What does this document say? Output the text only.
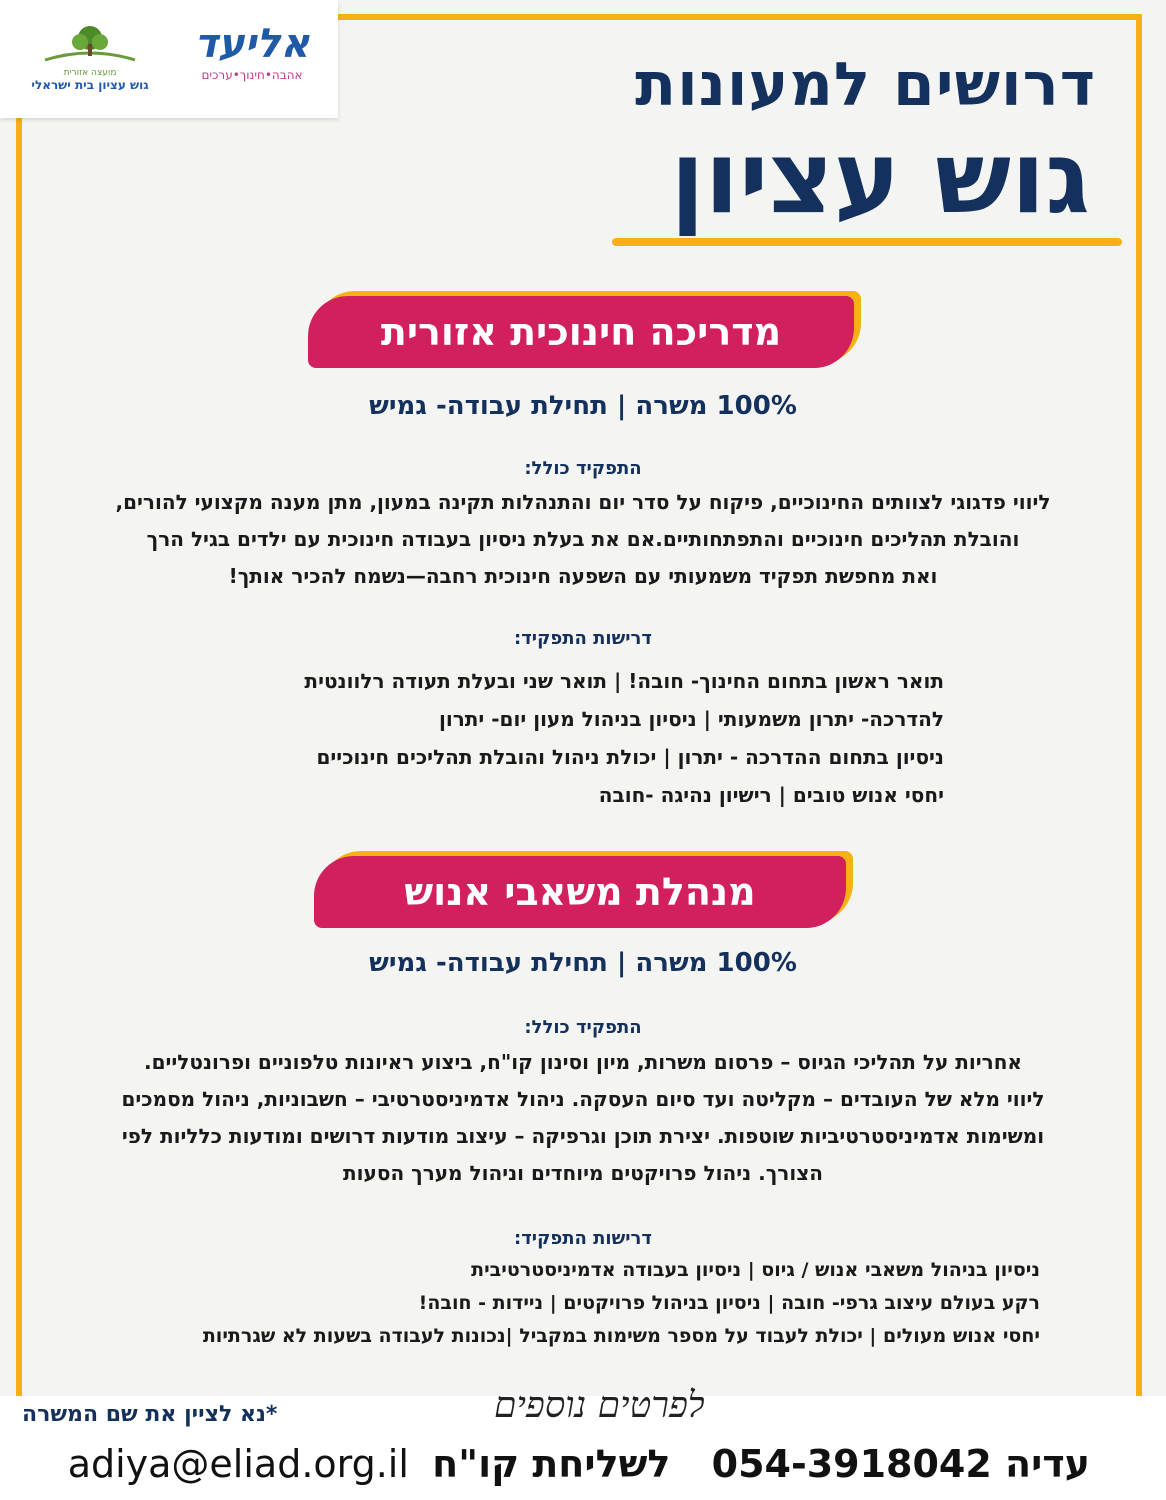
מועצה אזורית
גוש עציון בית ישראלי
אליעד
אהבה•חינוך•ערכים	דרושים למעונות
גוש עציון
מדריכה חינוכית אזורית
100% משרה | תחילת עבודה- גמיש
התפקיד כולל:
ליווי פדגוגי לצוותים החינוכיים, פיקוח על סדר יום והתנהלות תקינה במעון, מתן מענה מקצועי להורים,
והובלת תהליכים חינוכיים והתפתחותיים.אם את בעלת ניסיון בעבודה חינוכית עם ילדים בגיל הרך
ואת מחפשת תפקיד משמעותי עם השפעה חינוכית רחבה—נשמח להכיר אותך!
דרישות התפקיד:
תואר ראשון בתחום החינוך- חובה! | תואר שני ובעלת תעודה רלוונטית
להדרכה- יתרון משמעותי | ניסיון בניהול מעון יום- יתרון
ניסיון בתחום ההדרכה - יתרון | יכולת ניהול והובלת תהליכים חינוכיים
יחסי אנוש טובים | רישיון נהיגה -חובה
מנהלת משאבי אנוש
100% משרה | תחילת עבודה- גמיש
התפקיד כולל:
אחריות על תהליכי הגיוס – פרסום משרות, מיון וסינון קו"ח, ביצוע ראיונות טלפוניים ופרונטליים.
ליווי מלא של העובדים – מקליטה ועד סיום העסקה. ניהול אדמיניסטרטיבי – חשבוניות, ניהול מסמכים
ומשימות אדמיניסטרטיביות שוטפות. יצירת תוכן וגרפיקה – עיצוב מודעות דרושים ומודעות כלליות לפי
הצורך. ניהול פרויקטים מיוחדים וניהול מערך הסעות
דרישות התפקיד:
ניסיון בניהול משאבי אנוש / גיוס | ניסיון בעבודה אדמיניסטרטיבית
רקע בעולם עיצוב גרפי- חובה | ניסיון בניהול פרויקטים | ניידות - חובה!
יחסי אנוש מעולים | יכולת לעבוד על מספר משימות במקביל |נכונות לעבודה בשעות לא שגרתיות
*נא לציין את שם המשרה	לפרטים נוספים
עדיה 054-3918042 לשליחת קו"ח adiya@eliad.org.il
